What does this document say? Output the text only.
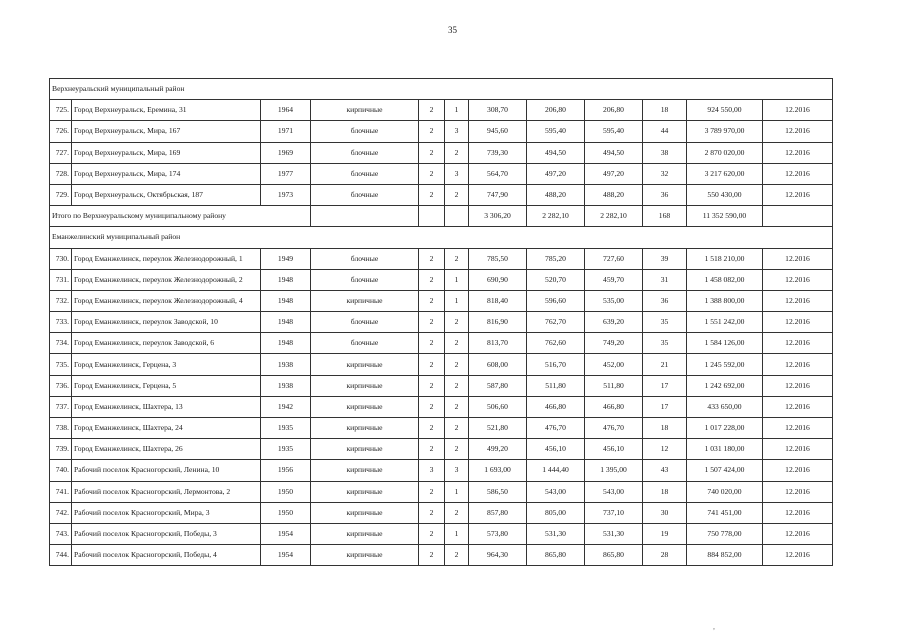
35
Верхнеуральский муниципальный район											
725.	Город Верхнеуральск, Еремина, 31	1964	кирпичные	2	1	308,70	206,80	206,80	18	924 550,00	12.2016
726.	Город Верхнеуральск, Мира, 167	1971	блочные	2	3	945,60	595,40	595,40	44	3 789 970,00	12.2016
727.	Город Верхнеуральск, Мира, 169	1969	блочные	2	2	739,30	494,50	494,50	38	2 870 020,00	12.2016
728.	Город Верхнеуральск, Мира, 174	1977	блочные	2	3	564,70	497,20	497,20	32	3 217 620,00	12.2016
729.	Город Верхнеуральск, Октябрьская, 187	1973	блочные	2	2	747,90	488,20	488,20	36	550 430,00	12.2016
Итого по Верхнеуральскому муниципальному району						3 306,20	2 282,10	2 282,10	168	11 352 590,00	
Еманжелинский муниципальный район											
730.	Город Еманжелинск, переулок Железнодорожный, 1	1949	блочные	2	2	785,50	785,20	727,60	39	1 518 210,00	12.2016
731.	Город Еманжелинск, переулок Железнодорожный, 2	1948	блочные	2	1	690,90	520,70	459,70	31	1 458 082,00	12.2016
732.	Город Еманжелинск, переулок Железнодорожный, 4	1948	кирпичные	2	1	818,40	596,60	535,00	36	1 388 800,00	12.2016
733.	Город Еманжелинск, переулок Заводской, 10	1948	блочные	2	2	816,90	762,70	639,20	35	1 551 242,00	12.2016
734.	Город Еманжелинск, переулок Заводской, 6	1948	блочные	2	2	813,70	762,60	749,20	35	1 584 126,00	12.2016
735.	Город Еманжелинск, Герцена, 3	1938	кирпичные	2	2	608,00	516,70	452,00	21	1 245 592,00	12.2016
736.	Город Еманжелинск, Герцена, 5	1938	кирпичные	2	2	587,80	511,80	511,80	17	1 242 692,00	12.2016
737.	Город Еманжелинск, Шахтера, 13	1942	кирпичные	2	2	506,60	466,80	466,80	17	433 650,00	12.2016
738.	Город Еманжелинск, Шахтера, 24	1935	кирпичные	2	2	521,80	476,70	476,70	18	1 017 228,00	12.2016
739.	Город Еманжелинск, Шахтера, 26	1935	кирпичные	2	2	499,20	456,10	456,10	12	1 031 180,00	12.2016
740.	Рабочий поселок Красногорский, Ленина, 10	1956	кирпичные	3	3	1 693,00	1 444,40	1 395,00	43	1 507 424,00	12.2016
741.	Рабочий поселок Красногорский, Лермонтова, 2	1950	кирпичные	2	1	586,50	543,00	543,00	18	740 020,00	12.2016
742.	Рабочий поселок Красногорский, Мира, 3	1950	кирпичные	2	2	857,80	805,00	737,10	30	741 451,00	12.2016
743.	Рабочий поселок Красногорский, Победы, 3	1954	кирпичные	2	1	573,80	531,30	531,30	19	750 778,00	12.2016
744.	Рабочий поселок Красногорский, Победы, 4	1954	кирпичные	2	2	964,30	865,80	865,80	28	884 852,00	12.2016
,
